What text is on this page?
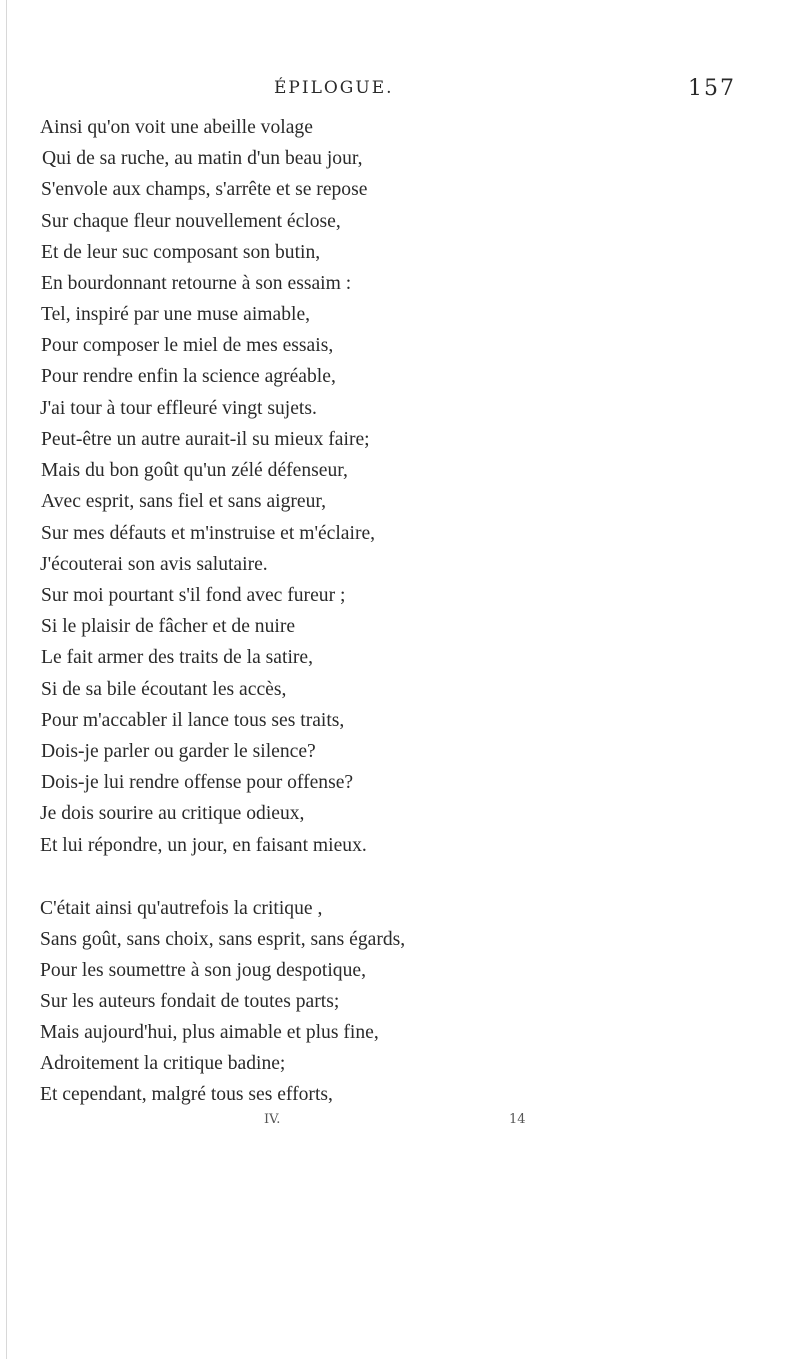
ÉPILOGUE.	157
Ainsi qu'on voit une abeille volage
Qui de sa ruche, au matin d'un beau jour,
S'envole aux champs, s'arrête et se repose
Sur chaque fleur nouvellement éclose,
Et de leur suc composant son butin,
En bourdonnant retourne à son essaim :
Tel, inspiré par une muse aimable,
Pour composer le miel de mes essais,
Pour rendre enfin la science agréable,
J'ai tour à tour effleuré vingt sujets.
Peut-être un autre aurait-il su mieux faire;
Mais du bon goût qu'un zélé défenseur,
Avec esprit, sans fiel et sans aigreur,
Sur mes défauts et m'instruise et m'éclaire,
J'écouterai son avis salutaire.
Sur moi pourtant s'il fond avec fureur ;
Si le plaisir de fâcher et de nuire
Le fait armer des traits de la satire,
Si de sa bile écoutant les accès,
Pour m'accabler il lance tous ses traits,
Dois-je parler ou garder le silence?
Dois-je lui rendre offense pour offense?
Je dois sourire au critique odieux,
Et lui répondre, un jour, en faisant mieux.
C'était ainsi qu'autrefois la critique ,
Sans goût, sans choix, sans esprit, sans égards,
Pour les soumettre à son joug despotique,
Sur les auteurs fondait de toutes parts;
Mais aujourd'hui, plus aimable et plus fine,
Adroitement la critique badine;
Et cependant, malgré tous ses efforts,
IV.	14
